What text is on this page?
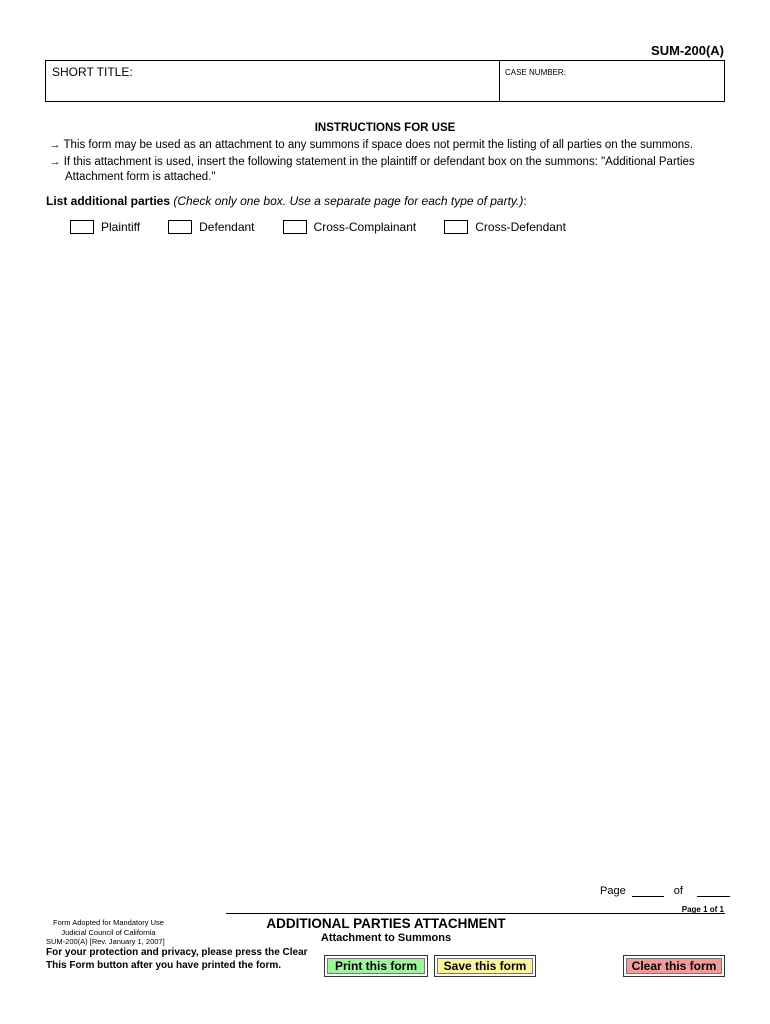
SUM-200(A)
SHORT TITLE:	CASE NUMBER:
INSTRUCTIONS FOR USE
→ This form may be used as an attachment to any summons if space does not permit the listing of all parties on the summons.
→ If this attachment is used, insert the following statement in the plaintiff or defendant box on the summons: "Additional Parties
Attachment form is attached."
List additional parties (Check only one box. Use a separate page for each type of party.):
Plaintiff	Defendant	Cross-Complainant	Cross-Defendant
Page	of
Page 1 of 1
Form Adopted for Mandatory Use
Judicial Council of California
SUM-200(A) [Rev. January 1, 2007]
ADDITIONAL PARTIES ATTACHMENT
Attachment to Summons
For your protection and privacy, please press the Clear
This Form button after you have printed the form.	Print this form	Save this form	Clear this form
